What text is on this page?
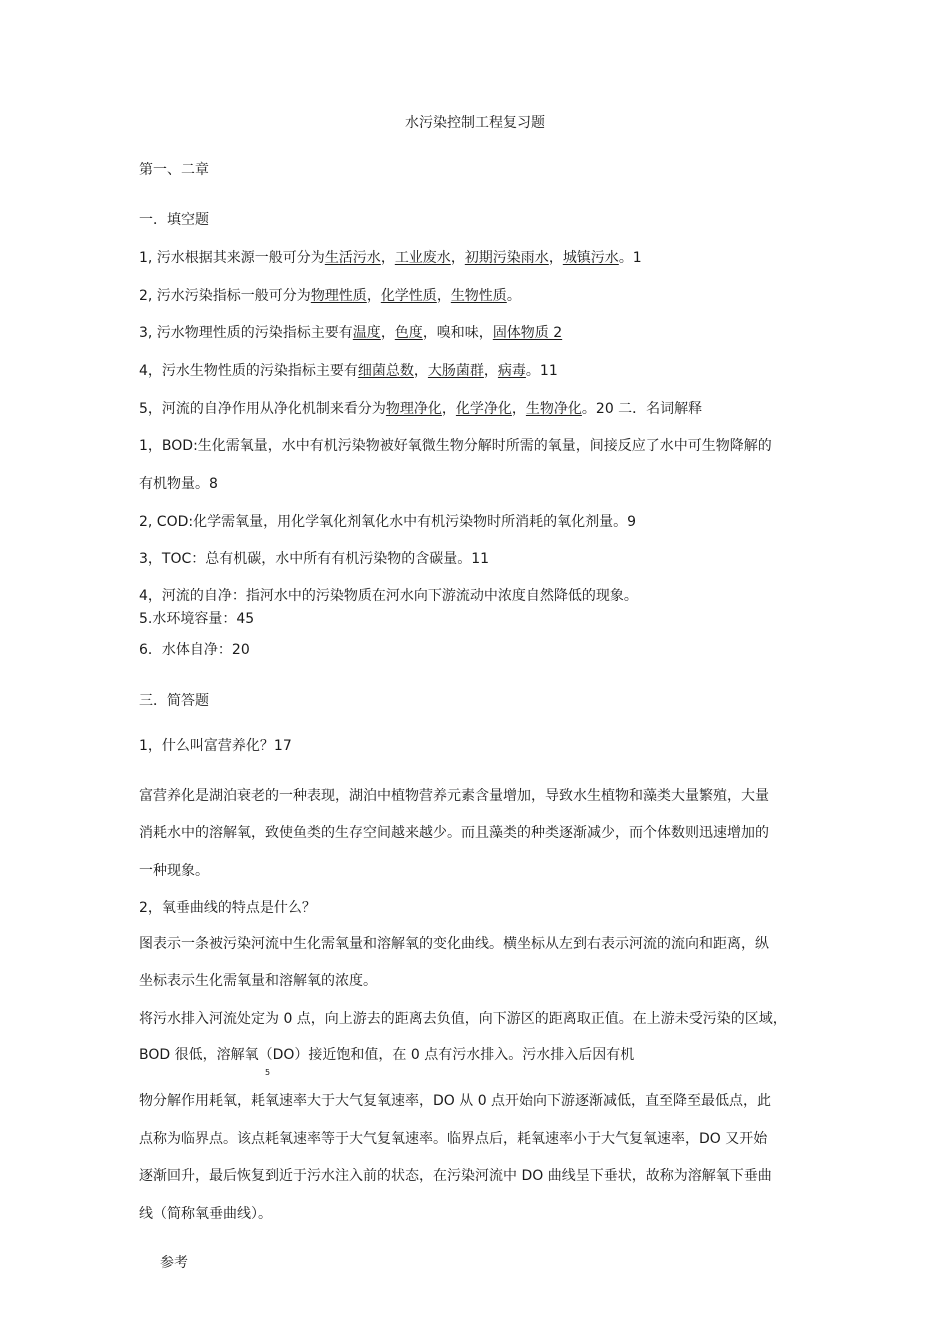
水污染控制工程复习题

第一、二章

一．填空题

1, 污水根据其来源一般可分为生活污水，工业废水，初期污染雨水，城镇污水。1

2, 污水污染指标一般可分为物理性质，化学性质，生物性质。

3, 污水物理性质的污染指标主要有温度，色度，嗅和味，固体物质 2

4，污水生物性质的污染指标主要有细菌总数，大肠菌群，病毒。11

5，河流的自净作用从净化机制来看分为物理净化，化学净化，生物净化。20 二．名词解释

1，BOD:生化需氧量，水中有机污染物被好氧微生物分解时所需的氧量，间接反应了水中可生物降解的

有机物量。8

2, COD:化学需氧量，用化学氧化剂氧化水中有机污染物时所消耗的氧化剂量。9

3，TOC：总有机碳，水中所有有机污染物的含碳量。11

4，河流的自净：指河水中的污染物质在河水向下游流动中浓度自然降低的现象。

5.水环境容量：45

6．水体自净：20

三．简答题

1，什么叫富营养化？17

富营养化是湖泊衰老的一种表现，湖泊中植物营养元素含量增加，导致水生植物和藻类大量繁殖，大量

消耗水中的溶解氧，致使鱼类的生存空间越来越少。而且藻类的种类逐渐减少，而个体数则迅速增加的

一种现象。

2，氧垂曲线的特点是什么？

图表示一条被污染河流中生化需氧量和溶解氧的变化曲线。横坐标从左到右表示河流的流向和距离，纵

坐标表示生化需氧量和溶解氧的浓度。

将污水排入河流处定为 0 点，向上游去的距离去负值，向下游区的距离取正值。在上游未受污染的区域，

BOD 很低，溶解氧（DO）接近饱和值，在 0 点有污水排入。污水排入后因有机

5

物分解作用耗氧，耗氧速率大于大气复氧速率，DO 从 0 点开始向下游逐渐减低，直至降至最低点，此

点称为临界点。该点耗氧速率等于大气复氧速率。临界点后，耗氧速率小于大气复氧速率，DO 又开始

逐渐回升，最后恢复到近于污水注入前的状态，在污染河流中 DO 曲线呈下垂状，故称为溶解氧下垂曲

线（简称氧垂曲线）。

参考
